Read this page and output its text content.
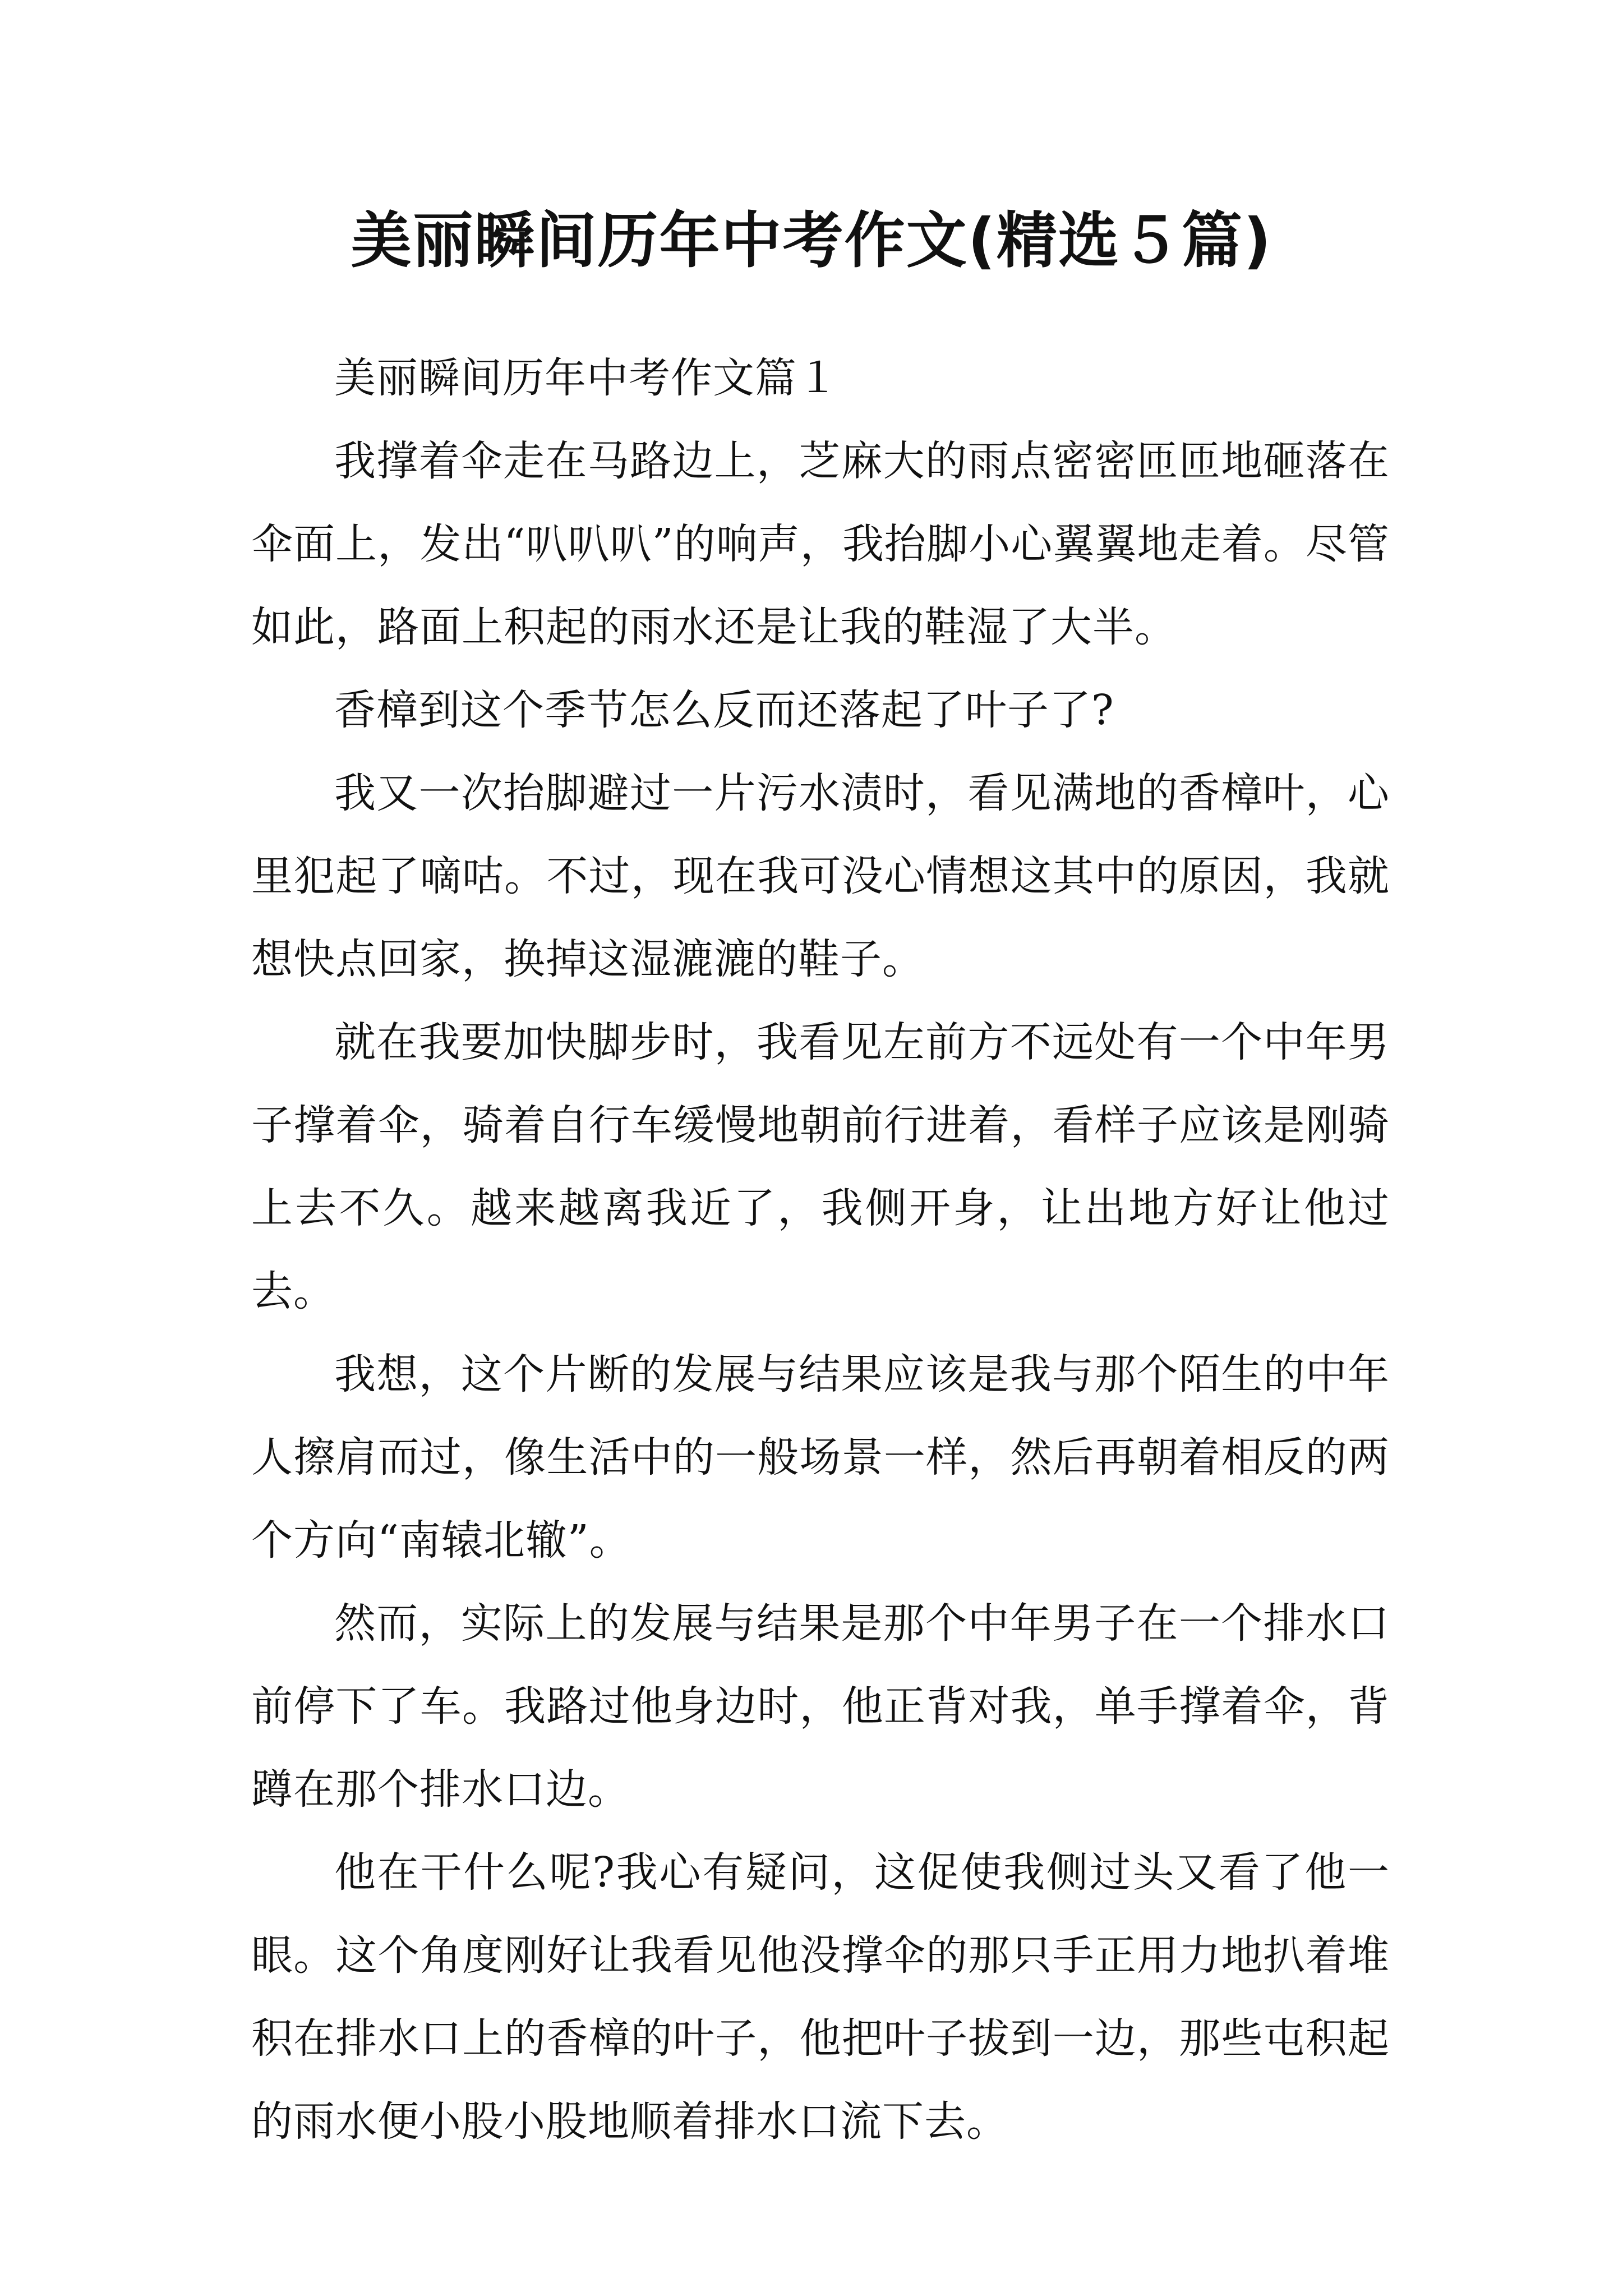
美丽瞬间历年中考作文(精选５篇)

美丽瞬间历年中考作文篇１

我撑着伞走在马路边上，芝麻大的雨点密密匝匝地砸落在伞面上，发出“叭叭叭”的响声，我抬脚小心翼翼地走着。尽管如此，路面上积起的雨水还是让我的鞋湿了大半。

香樟到这个季节怎么反而还落起了叶子了?

我又一次抬脚避过一片污水渍时，看见满地的香樟叶，心里犯起了嘀咕。不过，现在我可没心情想这其中的原因，我就想快点回家，换掉这湿漉漉的鞋子。

就在我要加快脚步时，我看见左前方不远处有一个中年男子撑着伞，骑着自行车缓慢地朝前行进着，看样子应该是刚骑上去不久。越来越离我近了，我侧开身，让出地方好让他过去。

我想，这个片断的发展与结果应该是我与那个陌生的中年人擦肩而过，像生活中的一般场景一样，然后再朝着相反的两个方向“南辕北辙”。

然而，实际上的发展与结果是那个中年男子在一个排水口前停下了车。我路过他身边时，他正背对我，单手撑着伞，背蹲在那个排水口边。

他在干什么呢?我心有疑问，这促使我侧过头又看了他一眼。这个角度刚好让我看见他没撑伞的那只手正用力地扒着堆积在排水口上的香樟的叶子，他把叶子拔到一边，那些屯积起的雨水便小股小股地顺着排水口流下去。
